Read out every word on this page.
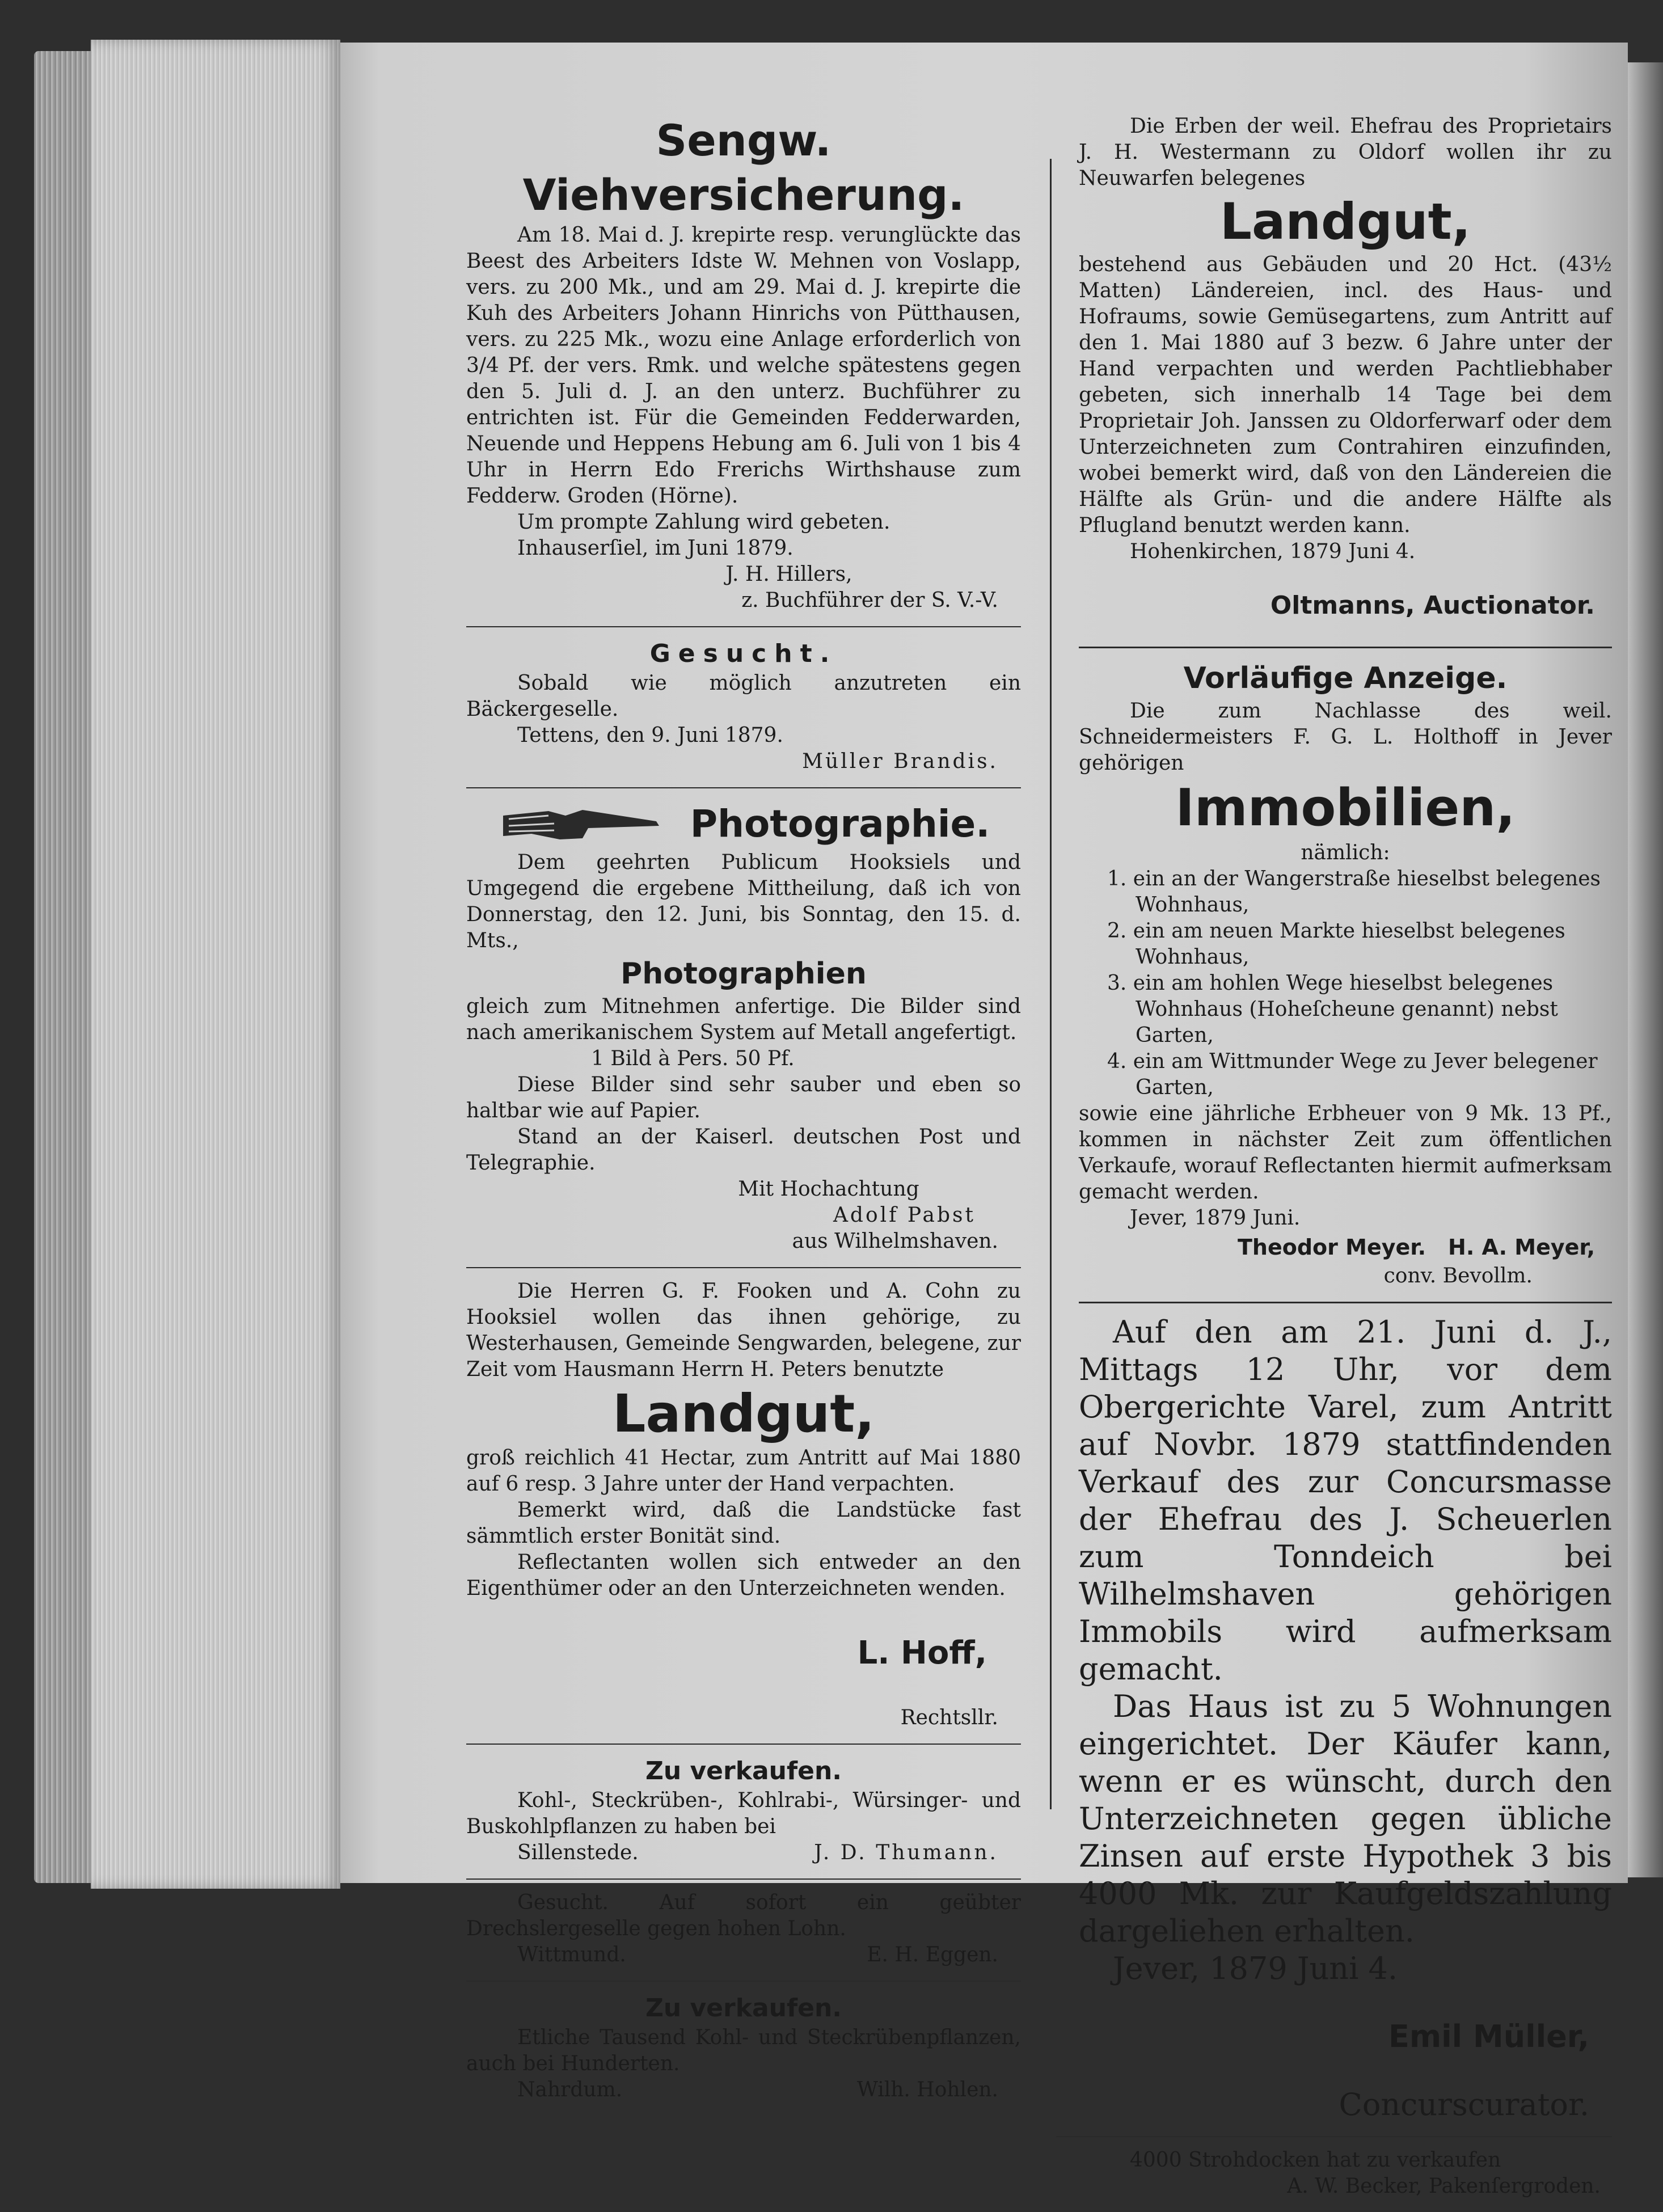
Sengw. Viehversicherung.

Am 18. Mai d. J. krepirte resp. verunglückte das Beest des Arbeiters Idste W. Mehnen von Voslapp, vers. zu 200 Mk., und am 29. Mai d. J. krepirte die Kuh des Arbeiters Johann Hinrichs von Pütthausen, vers. zu 225 Mk., wozu eine Anlage erforderlich von 3/4 Pf. der vers. Rmk. und welche spätestens gegen den 5. Juli d. J. an den unterz. Buchführer zu entrichten ist. Für die Gemeinden Fedderwarden, Neuende und Heppens Hebung am 6. Juli von 1 bis 4 Uhr in Herrn Edo Frerichs Wirthshause zum Fedderw. Groden (Hörne).

Um prompte Zahlung wird gebeten.

Inhauserſiel, im Juni 1879.

J. H. Hillers,

z. Buchführer der S. V.-V.

Gesucht.

Sobald wie möglich anzutreten ein Bäckergeselle.

Tettens, den 9. Juni 1879.

Müller Brandis.

Photographie.

Dem geehrten Publicum Hooksiels und Umgegend die ergebene Mittheilung, daß ich von Donnerstag, den 12. Juni, bis Sonntag, den 15. d. Mts.,

Photographien

gleich zum Mitnehmen anfertige. Die Bilder sind nach amerikanischem System auf Metall angefertigt.

1 Bild à Pers. 50 Pf.

Diese Bilder sind sehr sauber und eben so haltbar wie auf Papier.

Stand an der Kaiserl. deutschen Post und Telegraphie.

Mit Hochachtung

Adolf Pabst

aus Wilhelmshaven.

Die Herren G. F. Fooken und A. Cohn zu Hooksiel wollen das ihnen gehörige, zu Westerhausen, Gemeinde Sengwarden, belegene, zur Zeit vom Hausmann Herrn H. Peters benutzte

Landgut,

groß reichlich 41 Hectar, zum Antritt auf Mai 1880 auf 6 resp. 3 Jahre unter der Hand verpachten.

Bemerkt wird, daß die Landstücke fast sämmtlich erster Bonität sind.

Reflectanten wollen sich entweder an den Eigenthümer oder an den Unterzeichneten wenden.

L. Hoff,

Rechtsllr.

Zu verkaufen.

Kohl-, Steckrüben-, Kohlrabi-, Würsinger- und Buskohlpflanzen zu haben bei

Sillenstede.	J. D. Thumann.

Gesucht. Auf sofort ein geübter Drechslergeselle gegen hohen Lohn.

Wittmund.	E. H. Eggen.
Zu verkaufen.

Etliche Tausend Kohl- und Steckrübenpflanzen, auch bei Hunderten.

Nahrdum.	Wilh. Hohlen.

Die Erben der weil. Ehefrau des Proprietairs J. H. Westermann zu Oldorf wollen ihr zu Neuwarfen belegenes

Landgut,

bestehend aus Gebäuden und 20 Hct. (43½ Matten) Ländereien, incl. des Haus- und Hofraums, sowie Gemüsegartens, zum Antritt auf den 1. Mai 1880 auf 3 bezw. 6 Jahre unter der Hand verpachten und werden Pachtliebhaber gebeten, sich innerhalb 14 Tage bei dem Proprietair Joh. Janssen zu Oldorferwarf oder dem Unterzeichneten zum Contrahiren einzufinden, wobei bemerkt wird, daß von den Ländereien die Hälfte als Grün- und die andere Hälfte als Pflugland benutzt werden kann.

Hohenkirchen, 1879 Juni 4.

Oltmanns, Auctionator.

Vorläufige Anzeige.

Die zum Nachlasse des weil. Schneidermeisters F. G. L. Holthoff in Jever gehörigen

Immobilien,

nämlich:

1. ein an der Wangerstraße hieselbst belegenes Wohnhaus,

2. ein am neuen Markte hieselbst belegenes Wohnhaus,

3. ein am hohlen Wege hieselbst belegenes Wohnhaus (Hoheſcheune genannt) nebst Garten,

4. ein am Wittmunder Wege zu Jever belegener Garten,

sowie eine jährliche Erbheuer von 9 Mk. 13 Pf., kommen in nächster Zeit zum öffentlichen Verkaufe, worauf Reflectanten hiermit aufmerksam gemacht werden.

Jever, 1879 Juni.

Theodor Meyer. H. A. Meyer,

conv. Bevollm.

Auf den am 21. Juni d. J., Mittags 12 Uhr, vor dem Obergerichte Varel, zum Antritt auf Novbr. 1879 stattfindenden Verkauf des zur Concursmasse der Ehefrau des J. Scheuerlen zum Tonndeich bei Wilhelmshaven gehörigen Immobils wird aufmerksam gemacht.

Das Haus ist zu 5 Wohnungen eingerichtet. Der Käufer kann, wenn er es wünscht, durch den Unterzeichneten gegen übliche Zinsen auf erste Hypothek 3 bis 4000 Mk. zur Kaufgeldszahlung dargeliehen erhalten.

Jever, 1879 Juni 4.

Emil Müller,

Concurscurator.

4000 Strohdocken hat zu verkaufen

A. W. Becker, Pakenſergroden.
